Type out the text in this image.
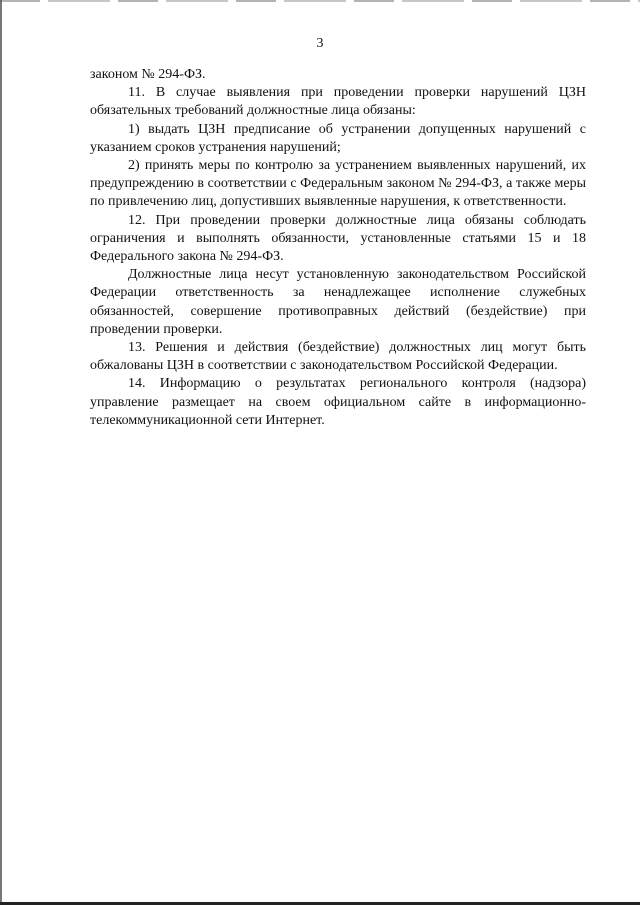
3

законом № 294-ФЗ.

11. В случае выявления при проведении проверки нарушений ЦЗН обязательных требований должностные лица обязаны:

1) выдать ЦЗН предписание об устранении допущенных нарушений с указанием сроков устранения нарушений;

2) принять меры по контролю за устранением выявленных нарушений, их предупреждению в соответствии с Федеральным законом № 294-ФЗ, а также меры по привлечению лиц, допустивших выявленные нарушения, к ответственности.

12. При проведении проверки должностные лица обязаны соблюдать ограничения и выполнять обязанности, установленные статьями 15 и 18 Федерального закона № 294-ФЗ.

Должностные лица несут установленную законодательством Российской Федерации ответственность за ненадлежащее исполнение служебных обязанностей, совершение противоправных действий (бездействие) при проведении проверки.

13. Решения и действия (бездействие) должностных лиц могут быть обжалованы ЦЗН в соответствии с законодательством Российской Федерации.

14. Информацию о результатах регионального контроля (надзора) управление размещает на своем официальном сайте в информационно-телекоммуникационной сети Интернет.
